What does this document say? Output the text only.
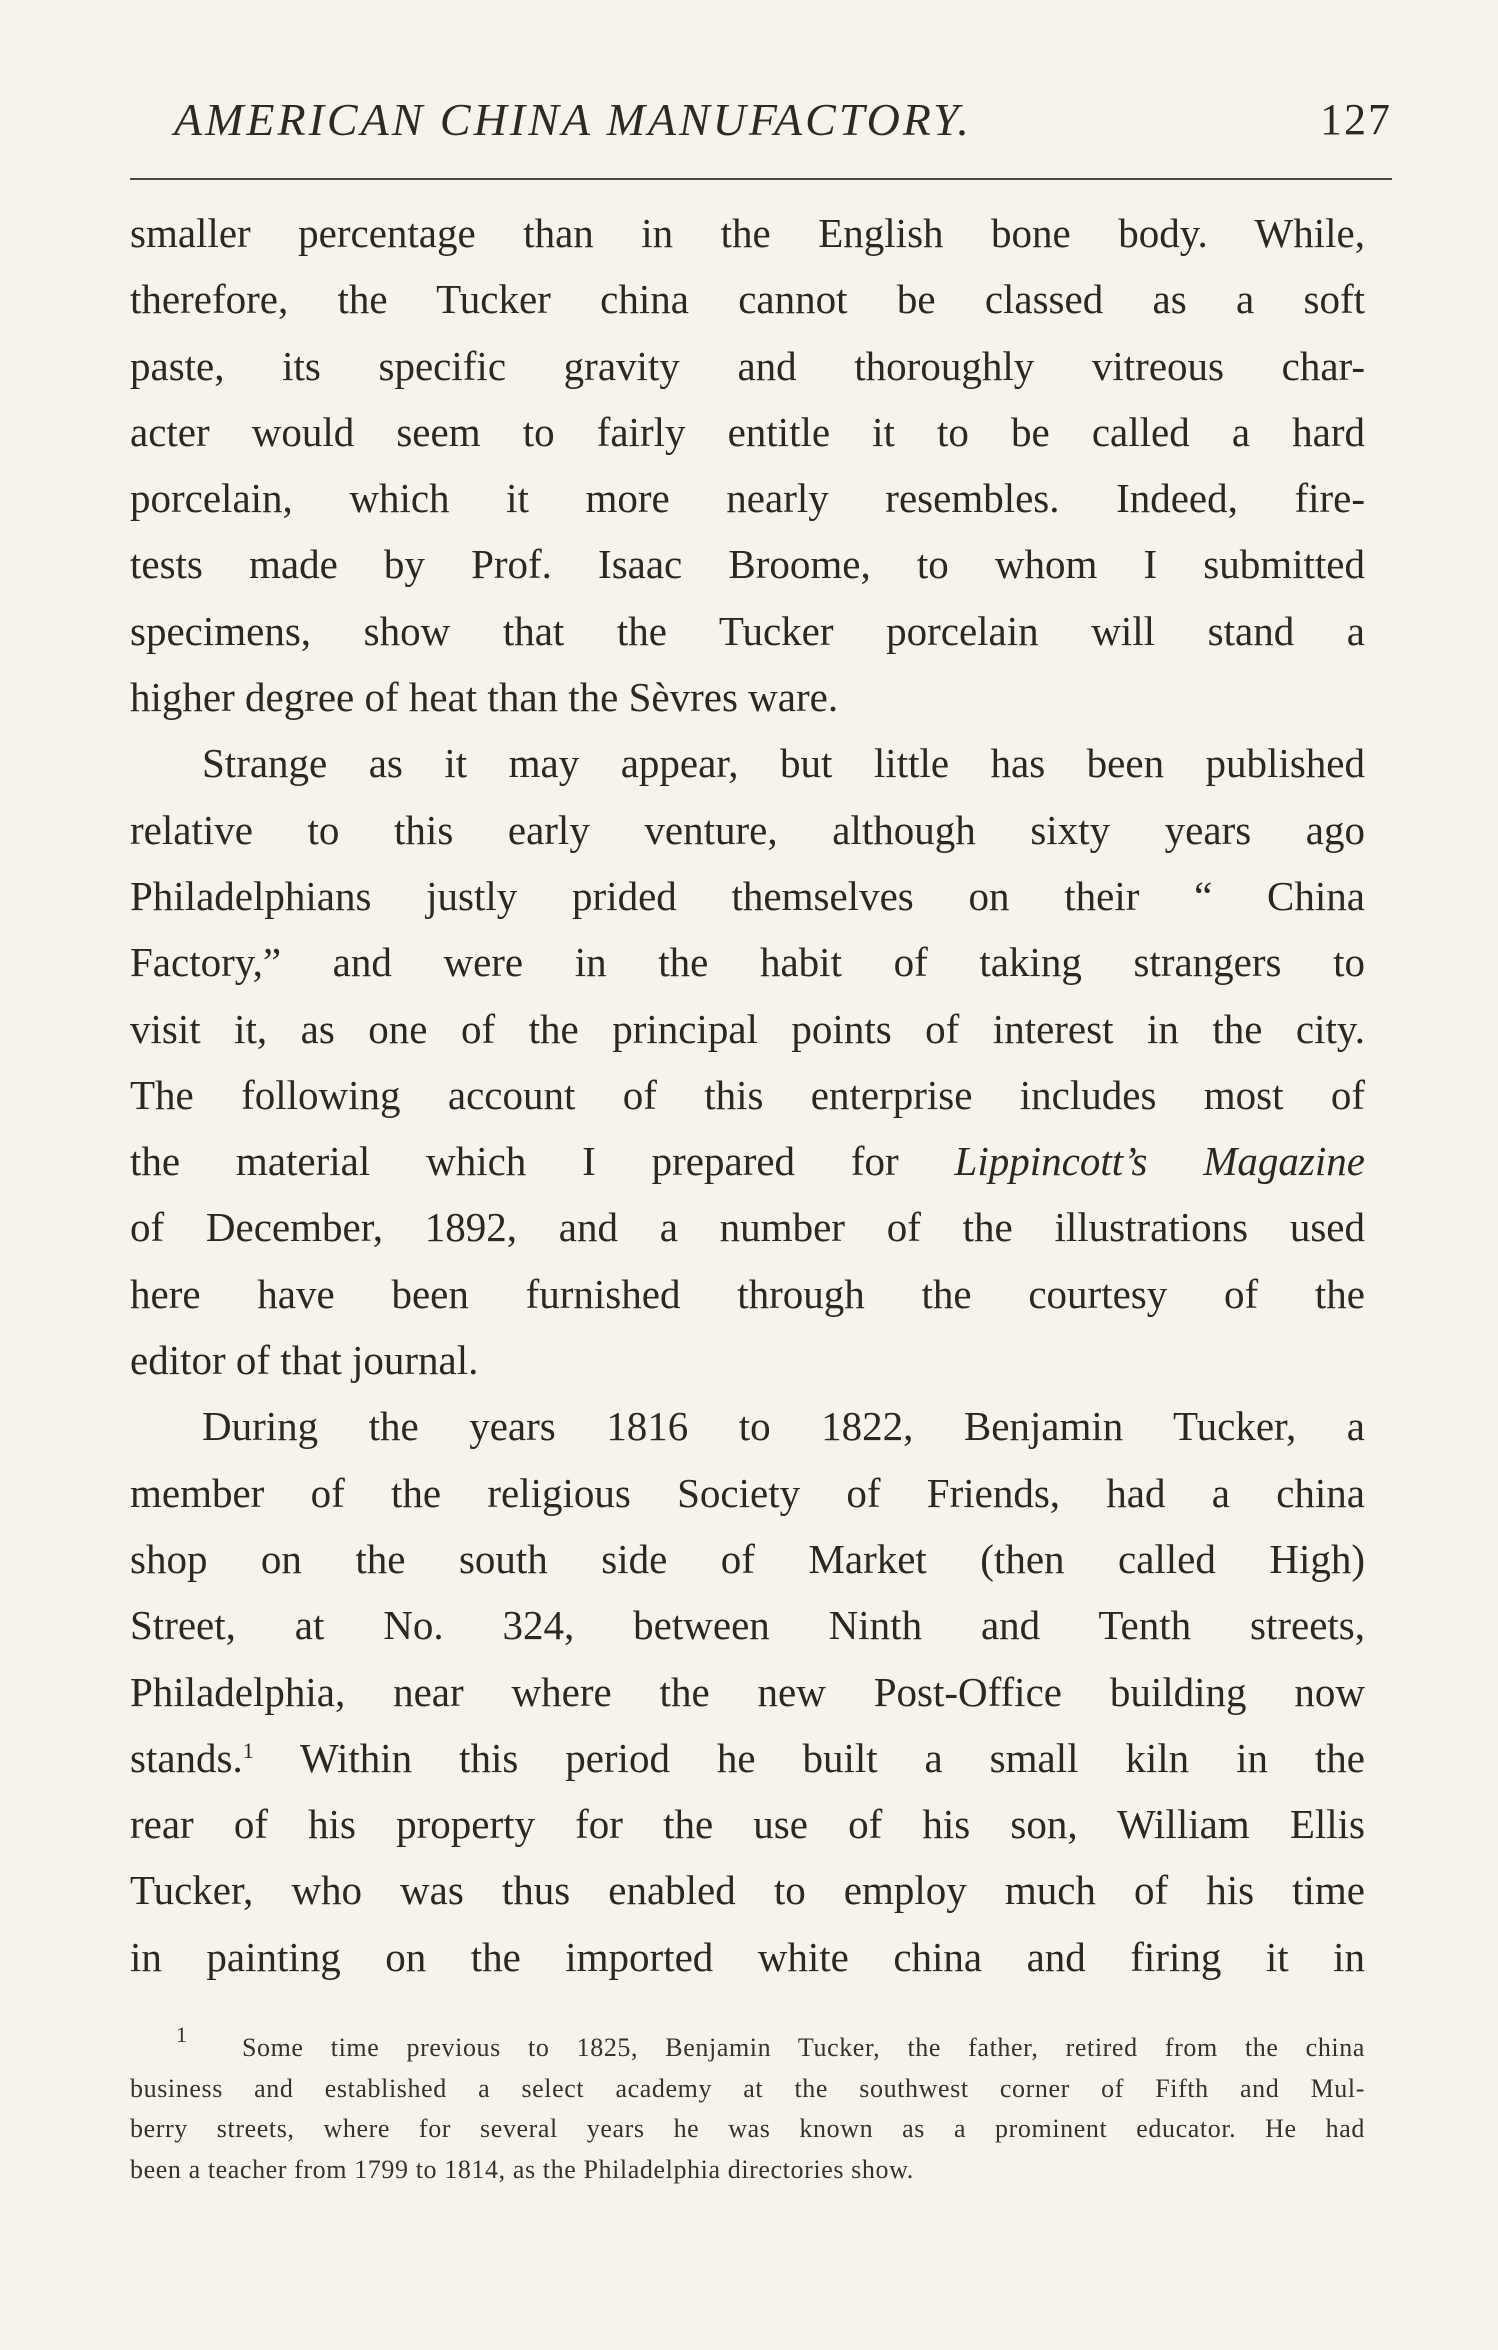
AMERICAN CHINA MANUFACTORY.	127
smaller percentage than in the English bone body. While,
therefore, the Tucker china cannot be classed as a soft
paste, its specific gravity and thoroughly vitreous char-
acter would seem to fairly entitle it to be called a hard
porcelain, which it more nearly resembles. Indeed, fire-
tests made by Prof. Isaac Broome, to whom I submitted
specimens, show that the Tucker porcelain will stand a
higher degree of heat than the Sèvres ware.
Strange as it may appear, but little has been published
relative to this early venture, although sixty years ago
Philadelphians justly prided themselves on their “ China
Factory,” and were in the habit of taking strangers to
visit it, as one of the principal points of interest in the city.
The following account of this enterprise includes most of
the material which I prepared for Lippincott’s Magazine
of December, 1892, and a number of the illustrations used
here have been furnished through the courtesy of the
editor of that journal.
During the years 1816 to 1822, Benjamin Tucker, a
member of the religious Society of Friends, had a china
shop on the south side of Market (then called High)
Street, at No. 324, between Ninth and Tenth streets,
Philadelphia, near where the new Post-Office building now
stands.$^1$ Within this period he built a small kiln in the
rear of his property for the use of his son, William Ellis
Tucker, who was thus enabled to employ much of his time
in painting on the imported white china and firing it in
$^1$ Some time previous to 1825, Benjamin Tucker, the father, retired from the china
business and established a select academy at the southwest corner of Fifth and Mul-
berry streets, where for several years he was known as a prominent educator. He had
been a teacher from 1799 to 1814, as the Philadelphia directories show.
